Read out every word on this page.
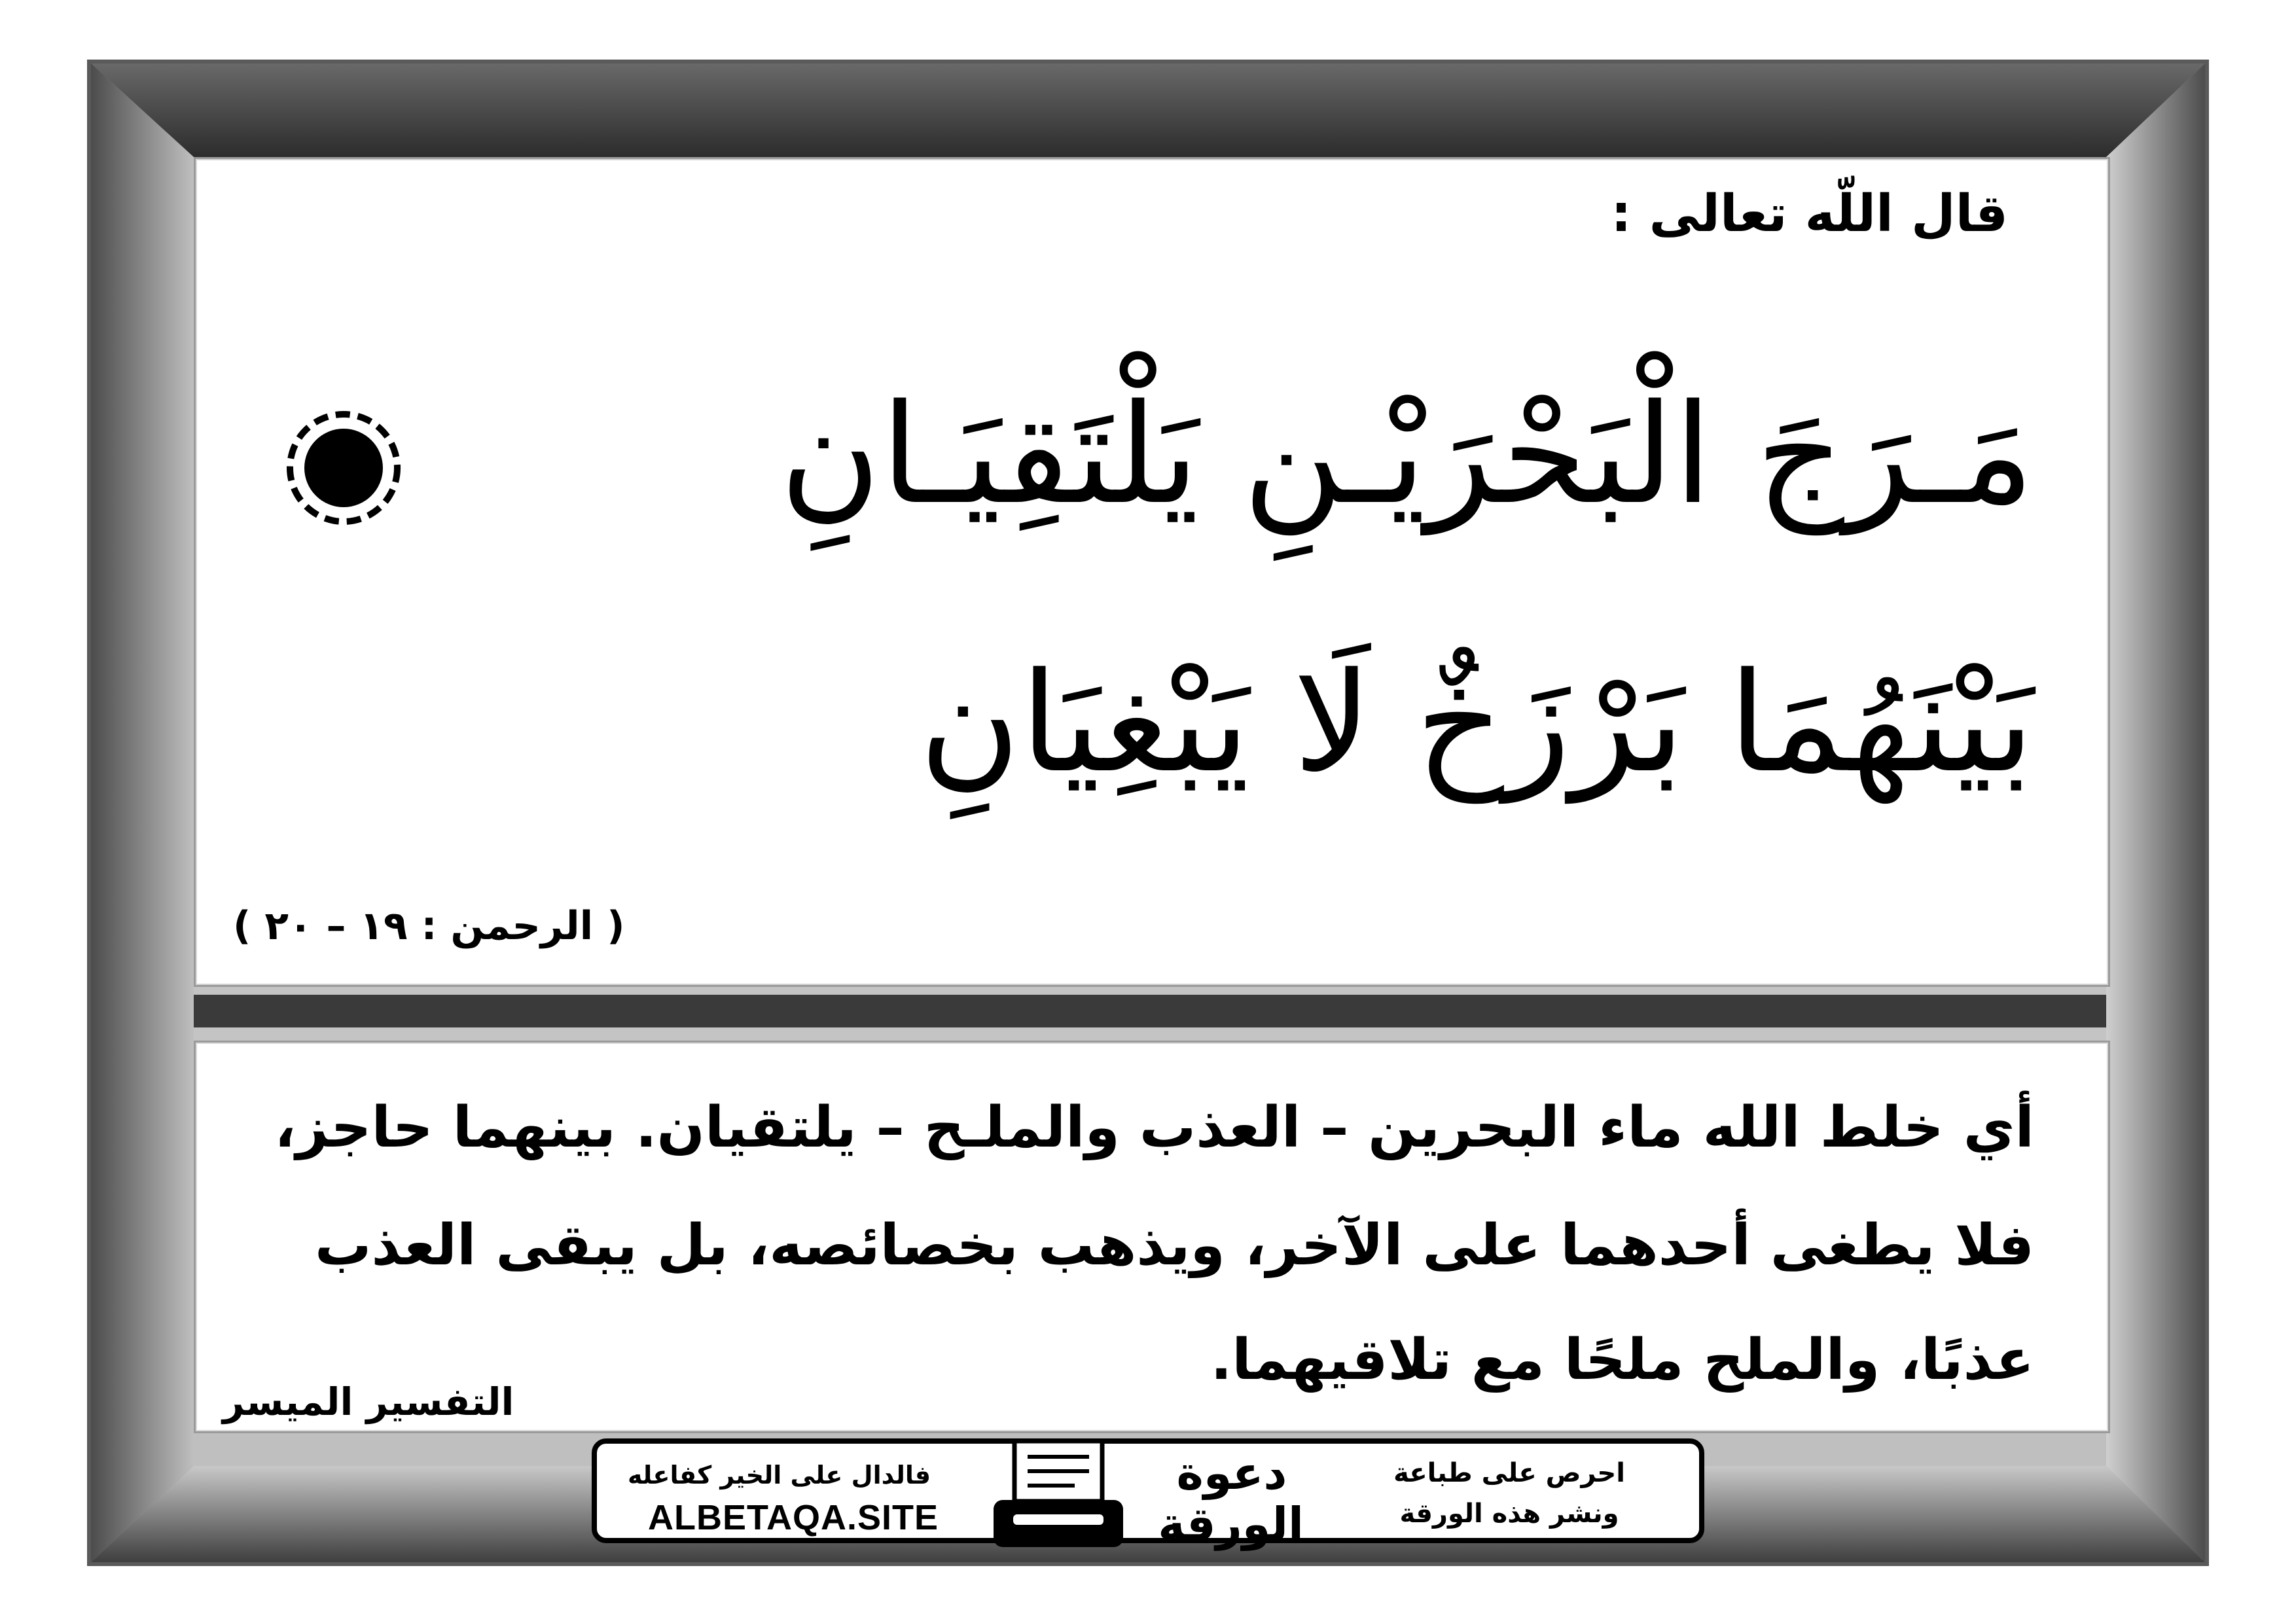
قال اللّه تعالى :
مَـرَجَ الْبَحْرَيْـنِ يَلْتَقِيَـانِ
بَيْنَهُمَا بَرْزَخٌ لَا يَبْغِيَانِ
( الرحمن : ١٩ – ٢٠ )
أي خلط الله ماء البحرين – العذب والملـح – يلتقيان. بينهما حاجز،
فلا يطغى أحدهما على الآخر، ويذهب بخصائصه، بل يبقى العذب
عذبًا، والملح ملحًا مع تلاقيهما.
التفسير الميسر
فالدال على الخير كفاعله
ALBETAQA.SITE
دعوة
الورقة
احرص على طباعة
ونشر هذه الورقة
